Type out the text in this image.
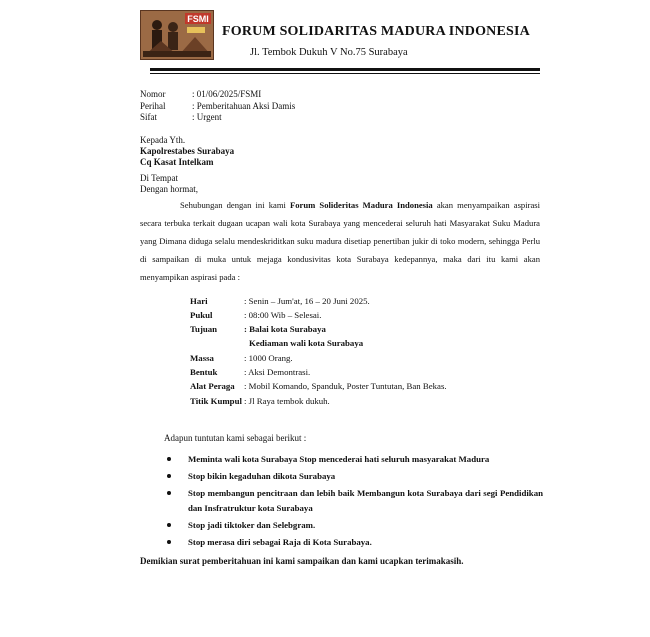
FSMI
FORUM SOLIDARITAS MADURA INDONESIA
Jl. Tembok Dukuh V No.75 Surabaya
Nomor	: 01/06/2025/FSMI
Perihal	: Pemberitahuan Aksi Damis
Sifat	: Urgent
Kepada Yth.
Kapolrestabes Surabaya
Cq Kasat Intelkam
Di Tempat
Dengan hormat,
Sehubungan dengan ini kami Forum Solideritas Madura Indonesia akan menyampaikan aspirasi secara terbuka terkait dugaan ucapan wali kota Surabaya yang mencederai seluruh hati Masyarakat Suku Madura yang Dimana diduga selalu mendeskriditkan suku madura disetiap penertiban jukir di toko modern, sehingga Perlu di sampaikan di muka untuk mejaga kondusivitas kota Surabaya kedepannya, maka dari itu kami akan menyampikan aspirasi pada :
Hari	: Senin – Jum'at, 16 – 20 Juni 2025.
Pukul	: 08:00 Wib – Selesai.
Tujuan	: Balai kota Surabaya
Kediaman wali kota Surabaya
Massa	: 1000 Orang.
Bentuk	: Aksi Demontrasi.
Alat Peraga : Mobil Komando, Spanduk, Poster Tuntutan, Ban Bekas.
Titik Kumpul : Jl Raya tembok dukuh.
Adapun tuntutan kami sebagai berikut :
Meminta wali kota Surabaya Stop mencederai hati seluruh masyarakat Madura
Stop bikin kegaduhan dikota Surabaya
Stop membangun pencitraan dan lebih baik Membangun kota Surabaya dari segi Pendidikan dan Insfratruktur kota Surabaya
Stop jadi tiktoker dan Selebgram.
Stop merasa diri sebagai Raja di Kota Surabaya.
Demikian surat pemberitahuan ini kami sampaikan dan kami ucapkan terimakasih.
